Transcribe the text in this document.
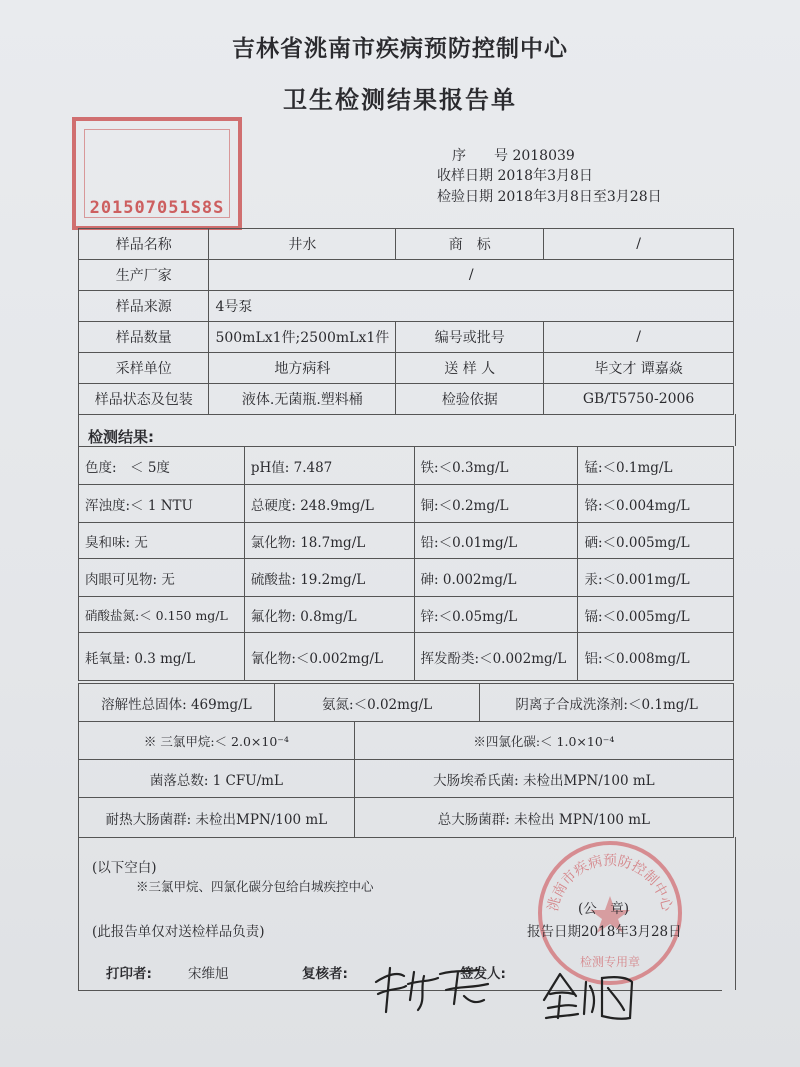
吉林省洮南市疾病预防控制中心
卫生检测结果报告单
201507051S8S
序　　号 2018039
收样日期 2018年3月8日
检验日期 2018年3月8日至3月28日
样品名称	井水	商　标	/
生产厂家	/		
样品来源	4号泵		
样品数量	500mLx1件;2500mLx1件	编号或批号	/
采样单位	地方病科	送 样 人	毕文才 谭嘉焱
样品状态及包装	液体.无菌瓶.塑料桶	检验依据	GB/T5750-2006
检测结果:
色度:　＜ 5度	pH值: 7.487	铁:＜0.3mg/L	锰:＜0.1mg/L
浑浊度:＜ 1 NTU	总硬度: 248.9mg/L	铜:＜0.2mg/L	铬:＜0.004mg/L
臭和味: 无	氯化物: 18.7mg/L	铅:＜0.01mg/L	硒:＜0.005mg/L
肉眼可见物: 无	硫酸盐: 19.2mg/L	砷: 0.002mg/L	汞:＜0.001mg/L
硝酸盐氮:＜ 0.150 mg/L	氟化物: 0.8mg/L	锌:＜0.05mg/L	镉:＜0.005mg/L
耗氧量: 0.3 mg/L	氰化物:＜0.002mg/L	挥发酚类:＜0.002mg/L	铝:＜0.008mg/L
溶解性总固体: 469mg/L	氨氮:＜0.02mg/L	阴离子合成洗涤剂:＜0.1mg/L
※ 三氯甲烷:＜ 2.0×10⁻⁴	※四氯化碳:＜ 1.0×10⁻⁴
菌落总数: 1 CFU/mL	大肠埃希氏菌: 未检出MPN/100 mL
耐热大肠菌群: 未检出MPN/100 mL	总大肠菌群: 未检出 MPN/100 mL
洮南市疾病预防控制中心
检测专用章
(以下空白)
※三氯甲烷、四氯化碳分包给白城疾控中心
(公　章)
(此报告单仅对送检样品负责)	报告日期2018年3月28日
打印者:	宋维旭	复核者:	签发人:
